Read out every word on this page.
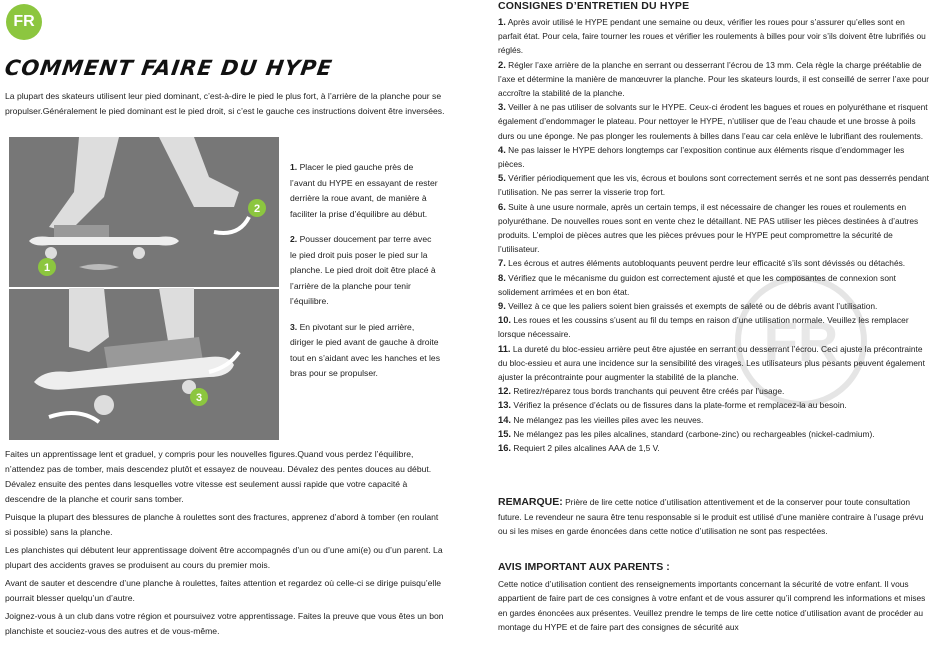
FR
COMMENT FAIRE DU HYPE
La plupart des skateurs utilisent leur pied dominant, c’est-à-dire le pied le plus fort, à l’arrière de la planche pour se propulser.Généralement le pied dominant est le pied droit, si c’est le gauche ces instructions doivent être inversées.
1
2
3

1. Placer le pied gauche près de l’avant du HYPE en essayant de rester derrière la roue avant, de manière à faciliter la prise d’équilibre au début.

2. Pousser doucement par terre avec le pied droit puis poser le pied sur la planche. Le pied droit doit être placé à l’arrière de la planche pour tenir l’équilibre.

3. En pivotant sur le pied arrière, diriger le pied avant de gauche à droite tout en s’aidant avec les hanches et les bras pour se propulser.

Faites un apprentissage lent et graduel, y compris pour les nouvelles figures.Quand vous perdez l’équilibre, n’attendez pas de tomber, mais descendez plutôt et essayez de nouveau. Dévalez des pentes douces au début. Dévalez ensuite des pentes dans lesquelles votre vitesse est seulement aussi rapide que votre capacité à descendre de la planche et courir sans tomber.

Puisque la plupart des blessures de planche à roulettes sont des fractures, apprenez d’abord à tomber (en roulant si possible) sans la planche.

Les planchistes qui débutent leur apprentissage doivent être accompagnés d’un ou d’une ami(e) ou d’un parent. La plupart des accidents graves se produisent au cours du premier mois.

Avant de sauter et descendre d’une planche à roulettes, faites attention et regardez où celle-ci se dirige puisqu’elle pourrait blesser quelqu’un d’autre.

Joignez-vous à un club dans votre région et poursuivez votre apprentissage. Faites la preuve que vous êtes un bon planchiste et souciez-vous des autres et de vous-même.

FR
CONSIGNES D’ENTRETIEN DU HYPE

1. Après avoir utilisé le HYPE pendant une semaine ou deux, vérifier les roues pour s’assurer qu’elles sont en parfait état. Pour cela, faire tourner les roues et vérifier les roulements à billes pour voir s’ils doivent être lubrifiés ou réglés.

2. Régler l’axe arrière de la planche en serrant ou desserrant l’écrou de 13 mm. Cela règle la charge préétablie de l’axe et détermine la manière de manœuvrer la planche. Pour les skateurs lourds, il est conseillé de serrer l’axe pour accroître la stabilité de la planche.

3. Veiller à ne pas utiliser de solvants sur le HYPE. Ceux-ci érodent les bagues et roues en polyuréthane et risquent également d’endommager le plateau. Pour nettoyer le HYPE, n’utiliser que de l’eau chaude et une brosse à poils durs ou une éponge. Ne pas plonger les roulements à billes dans l’eau car cela enlève le lubrifiant des roulements.

4. Ne pas laisser le HYPE dehors longtemps car l’exposition continue aux éléments risque d’endommager les pièces.

5. Vérifier périodiquement que les vis, écrous et boulons sont correctement serrés et ne sont pas desserrés pendant l’utilisation. Ne pas serrer la visserie trop fort.

6. Suite à une usure normale, après un certain temps, il est nécessaire de changer les roues et roulements en polyuréthane. De nouvelles roues sont en vente chez le détaillant. NE PAS utiliser les pièces destinées à d’autres produits. L’emploi de pièces autres que les pièces prévues pour le HYPE peut compromettre la sécurité de l’utilisateur.

7. Les écrous et autres éléments autobloquants peuvent perdre leur efficacité s’ils sont dévissés ou détachés.

8. Vérifiez que le mécanisme du guidon est correctement ajusté et que les composantes de connexion sont solidement arrimées et en bon état.

9. Veillez à ce que les paliers soient bien graissés et exempts de saleté ou de débris avant l’utilisation.

10. Les roues et les coussins s’usent au fil du temps en raison d’une utilisation normale. Veuillez les remplacer lorsque nécessaire.

11. La dureté du bloc-essieu arrière peut être ajustée en serrant ou desserrant l’écrou. Ceci ajuste la précontrainte du bloc-essieu et aura une incidence sur la sensibilité des virages. Les utilisateurs plus pesants peuvent également ajuster la précontrainte pour augmenter la stabilité de la planche.

12. Retirez/réparez tous bords tranchants qui peuvent être créés par l’usage.

13. Vérifiez la présence d’éclats ou de fissures dans la plate-forme et remplacez-la au besoin.

14. Ne mélangez pas les vieilles piles avec les neuves.

15. Ne mélangez pas les piles alcalines, standard (carbone-zinc) ou rechargeables (nickel-cadmium).

16. Requiert 2 piles alcalines AAA de 1,5 V.

REMARQUE: Prière de lire cette notice d’utilisation attentivement et de la conserver pour toute consultation future. Le revendeur ne saura être tenu responsable si le produit est utilisé d’une manière contraire à l’usage prévu ou si les mises en garde énoncées dans cette notice d’utilisation ne sont pas respectées.
AVIS IMPORTANT AUX PARENTS :
Cette notice d’utilisation contient des renseignements importants concernant la sécurité de votre enfant. Il vous appartient de faire part de ces consignes à votre enfant et de vous assurer qu’il comprend les informations et mises en gardes énoncées aux présentes. Veuillez prendre le temps de lire cette notice d’utilisation avant de procéder au montage du HYPE et de faire part des consignes de sécurité aux
